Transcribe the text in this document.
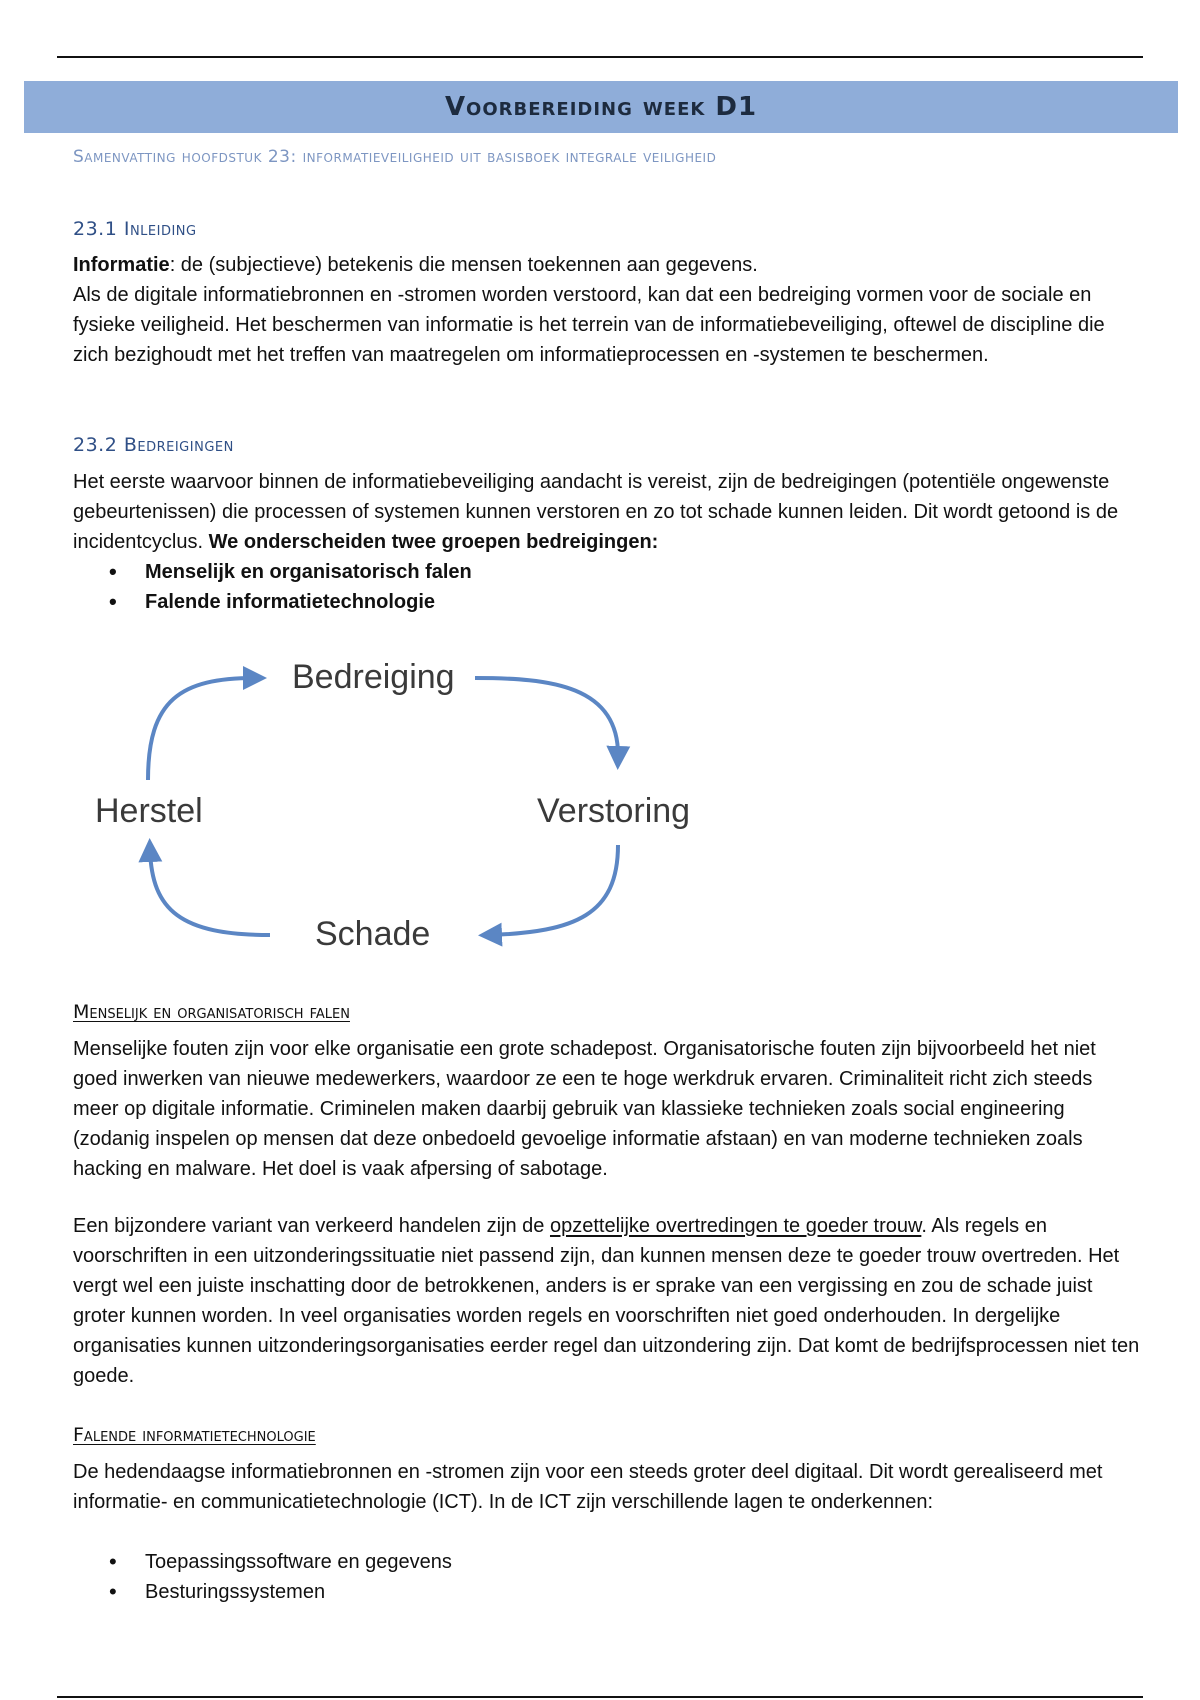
Voorbereiding week D1
Samenvatting hoofdstuk 23: informatieveiligheid uit basisboek integrale veiligheid
23.1 Inleiding

Informatie: de (subjectieve) betekenis die mensen toekennen aan gegevens.
Als de digitale informatiebronnen en -stromen worden verstoord, kan dat een bedreiging vormen voor de sociale en fysieke veiligheid. Het beschermen van informatie is het terrein van de informatiebeveiliging, oftewel de discipline die zich bezighoudt met het treffen van maatregelen om informatieprocessen en -systemen te beschermen.

23.2 Bedreigingen

Het eerste waarvoor binnen de informatiebeveiliging aandacht is vereist, zijn de bedreigingen (potentiële ongewenste gebeurtenissen) die processen of systemen kunnen verstoren en zo tot schade kunnen leiden. Dit wordt getoond is de incidentcyclus. We onderscheiden twee groepen bedreigingen:

• Menselijk en organisatorisch falen
• Falende informatietechnologie
Bedreiging
Verstoring
Schade
Herstel
Menselijk en organisatorisch falen

Menselijke fouten zijn voor elke organisatie een grote schadepost. Organisatorische fouten zijn bijvoorbeeld het niet goed inwerken van nieuwe medewerkers, waardoor ze een te hoge werkdruk ervaren. Criminaliteit richt zich steeds meer op digitale informatie. Criminelen maken daarbij gebruik van klassieke technieken zoals social engineering (zodanig inspelen op mensen dat deze onbedoeld gevoelige informatie afstaan) en van moderne technieken zoals hacking en malware. Het doel is vaak afpersing of sabotage.

Een bijzondere variant van verkeerd handelen zijn de opzettelijke overtredingen te goeder trouw. Als regels en voorschriften in een uitzonderingssituatie niet passend zijn, dan kunnen mensen deze te goeder trouw overtreden. Het vergt wel een juiste inschatting door de betrokkenen, anders is er sprake van een vergissing en zou de schade juist groter kunnen worden. In veel organisaties worden regels en voorschriften niet goed onderhouden. In dergelijke organisaties kunnen uitzonderingsorganisaties eerder regel dan uitzondering zijn. Dat komt de bedrijfsprocessen niet ten goede.

Falende informatietechnologie

De hedendaagse informatiebronnen en -stromen zijn voor een steeds groter deel digitaal. Dit wordt gerealiseerd met informatie- en communicatietechnologie (ICT). In de ICT zijn verschillende lagen te onderkennen:

• Toepassingssoftware en gegevens
• Besturingssystemen
